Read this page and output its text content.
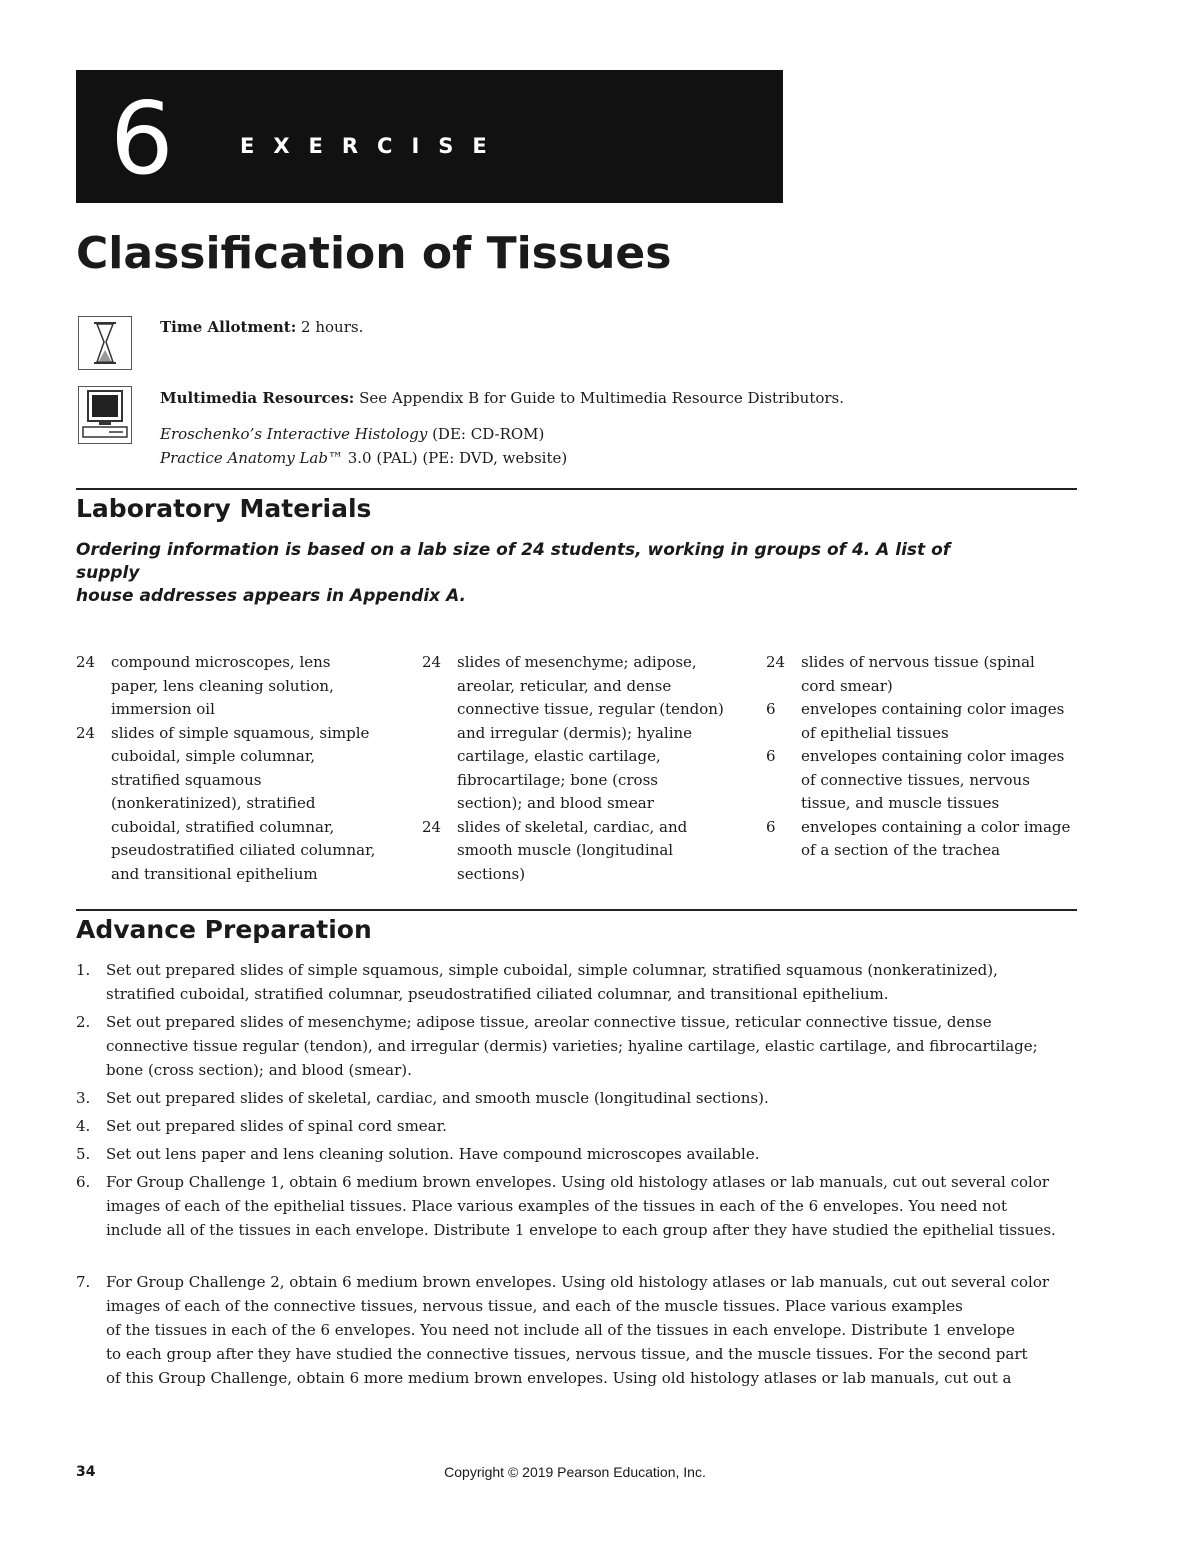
6	EXERCISE
Classification of Tissues
Time Allotment: 2 hours.
Multimedia Resources: See Appendix B for Guide to Multimedia Resource Distributors.
Eroschenko’s Interactive Histology (DE: CD-ROM)
Practice Anatomy Lab™ 3.0 (PAL) (PE: DVD, website)
Laboratory Materials
Ordering information is based on a lab size of 24 students, working in groups of 4. A list of
supply
house addresses appears in Appendix A.
24	compound microscopes, lens
paper, lens cleaning solution,
immersion oil
24	slides of simple squamous, simple
cuboidal, simple columnar,
stratified squamous
(nonkeratinized), stratified
cuboidal, stratified columnar,
pseudostratified ciliated columnar,
and transitional epithelium
24	slides of mesenchyme; adipose,
areolar, reticular, and dense
connective tissue, regular (tendon)
and irregular (dermis); hyaline
cartilage, elastic cartilage,
fibrocartilage; bone (cross
section); and blood smear
24	slides of skeletal, cardiac, and
smooth muscle (longitudinal
sections)
24	slides of nervous tissue (spinal
cord smear)
6	envelopes containing color images
of epithelial tissues
6	envelopes containing color images
of connective tissues, nervous
tissue, and muscle tissues
6	envelopes containing a color image
of a section of the trachea
Advance Preparation
1.	Set out prepared slides of simple squamous, simple cuboidal, simple columnar, stratified squamous (nonkeratinized),
stratified cuboidal, stratified columnar, pseudostratified ciliated columnar, and transitional epithelium.
2.	Set out prepared slides of mesenchyme; adipose tissue, areolar connective tissue, reticular connective tissue, dense
connective tissue regular (tendon), and irregular (dermis) varieties; hyaline cartilage, elastic cartilage, and fibrocartilage;
bone (cross section); and blood (smear).
3.	Set out prepared slides of skeletal, cardiac, and smooth muscle (longitudinal sections).
4.	Set out prepared slides of spinal cord smear.
5.	Set out lens paper and lens cleaning solution. Have compound microscopes available.
6.	For Group Challenge 1, obtain 6 medium brown envelopes. Using old histology atlases or lab manuals, cut out several color
images of each of the epithelial tissues. Place various examples of the tissues in each of the 6 envelopes. You need not
include all of the tissues in each envelope. Distribute 1 envelope to each group after they have studied the epithelial tissues.
7.	For Group Challenge 2, obtain 6 medium brown envelopes. Using old histology atlases or lab manuals, cut out several color
images of each of the connective tissues, nervous tissue, and each of the muscle tissues. Place various examples
of the tissues in each of the 6 envelopes. You need not include all of the tissues in each envelope. Distribute 1 envelope
to each group after they have studied the connective tissues, nervous tissue, and the muscle tissues. For the second part
of this Group Challenge, obtain 6 more medium brown envelopes. Using old histology atlases or lab manuals, cut out a
34	Copyright © 2019 Pearson Education, Inc.
